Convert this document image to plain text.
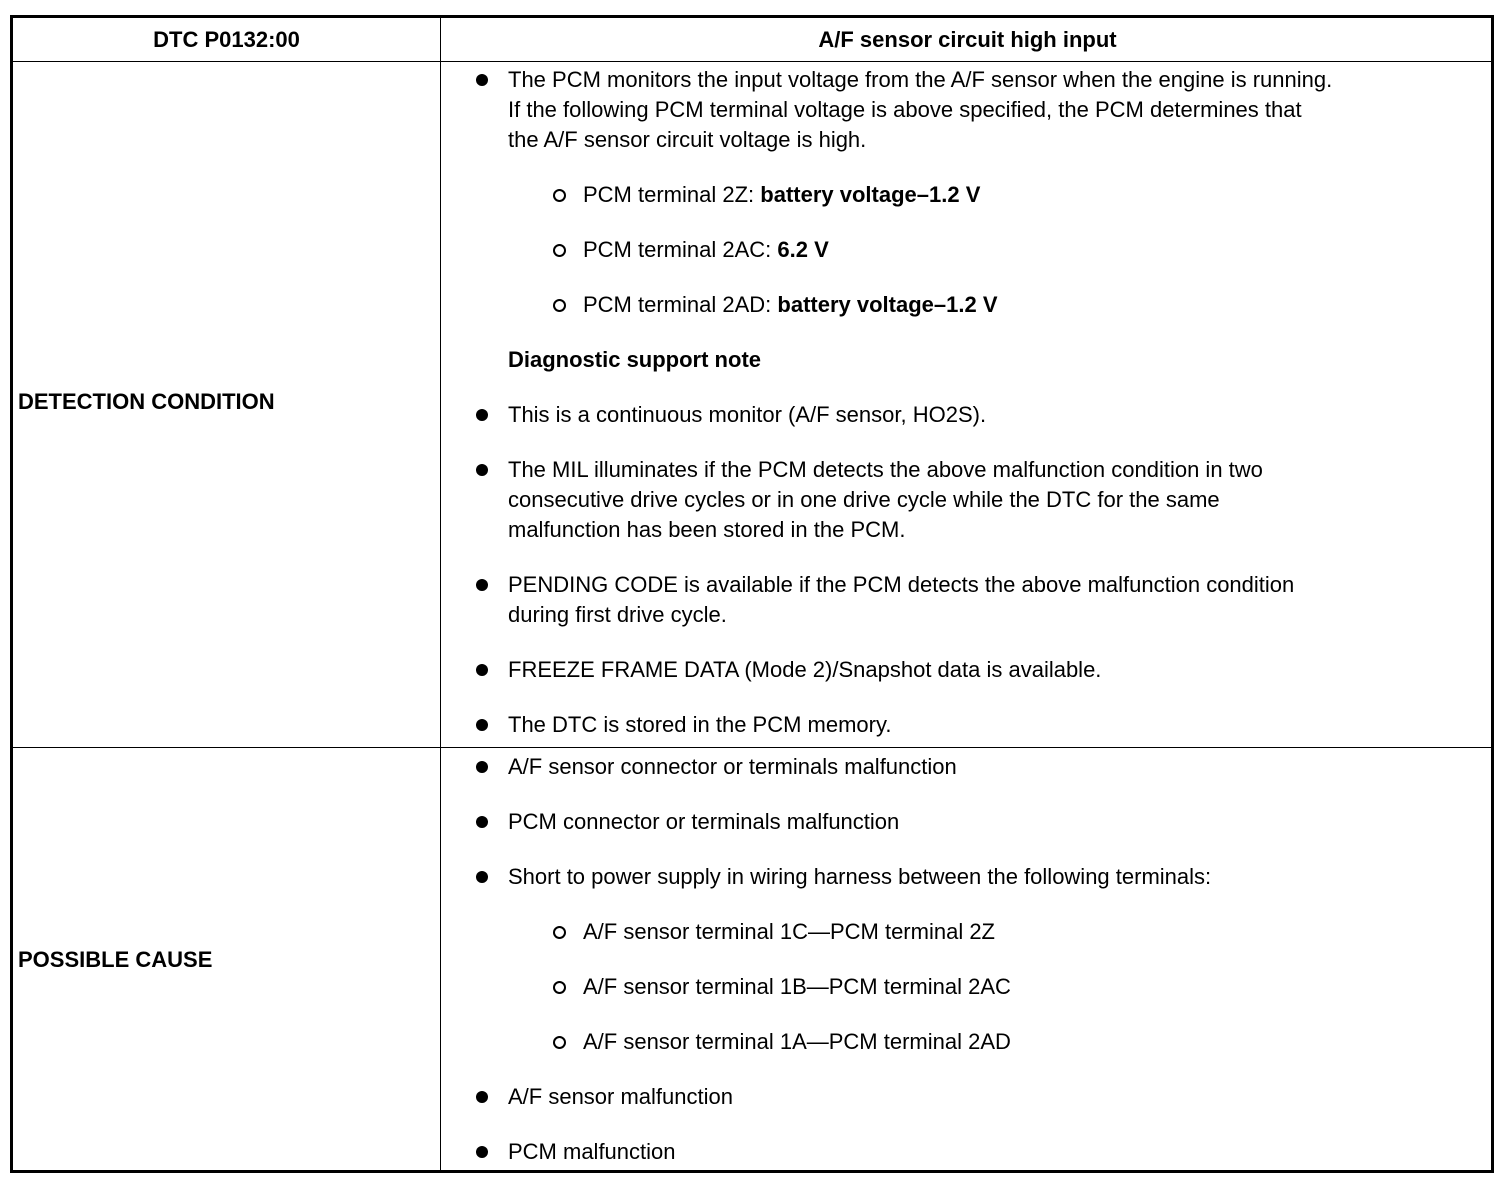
DTC P0132:00	A/F sensor circuit high input
DETECTION CONDITION
POSSIBLE CAUSE
The PCM monitors the input voltage from the A/F sensor when the engine is running.
If the following PCM terminal voltage is above specified, the PCM determines that
the A/F sensor circuit voltage is high.
PCM terminal 2Z: battery voltage–1.2 V
PCM terminal 2AC: 6.2 V
PCM terminal 2AD: battery voltage–1.2 V
Diagnostic support note
This is a continuous monitor (A/F sensor, HO2S).
The MIL illuminates if the PCM detects the above malfunction condition in two
consecutive drive cycles or in one drive cycle while the DTC for the same
malfunction has been stored in the PCM.
PENDING CODE is available if the PCM detects the above malfunction condition
during first drive cycle.
FREEZE FRAME DATA (Mode 2)/Snapshot data is available.
The DTC is stored in the PCM memory.
A/F sensor connector or terminals malfunction
PCM connector or terminals malfunction
Short to power supply in wiring harness between the following terminals:
A/F sensor terminal 1C—PCM terminal 2Z
A/F sensor terminal 1B—PCM terminal 2AC
A/F sensor terminal 1A—PCM terminal 2AD
A/F sensor malfunction
PCM malfunction
